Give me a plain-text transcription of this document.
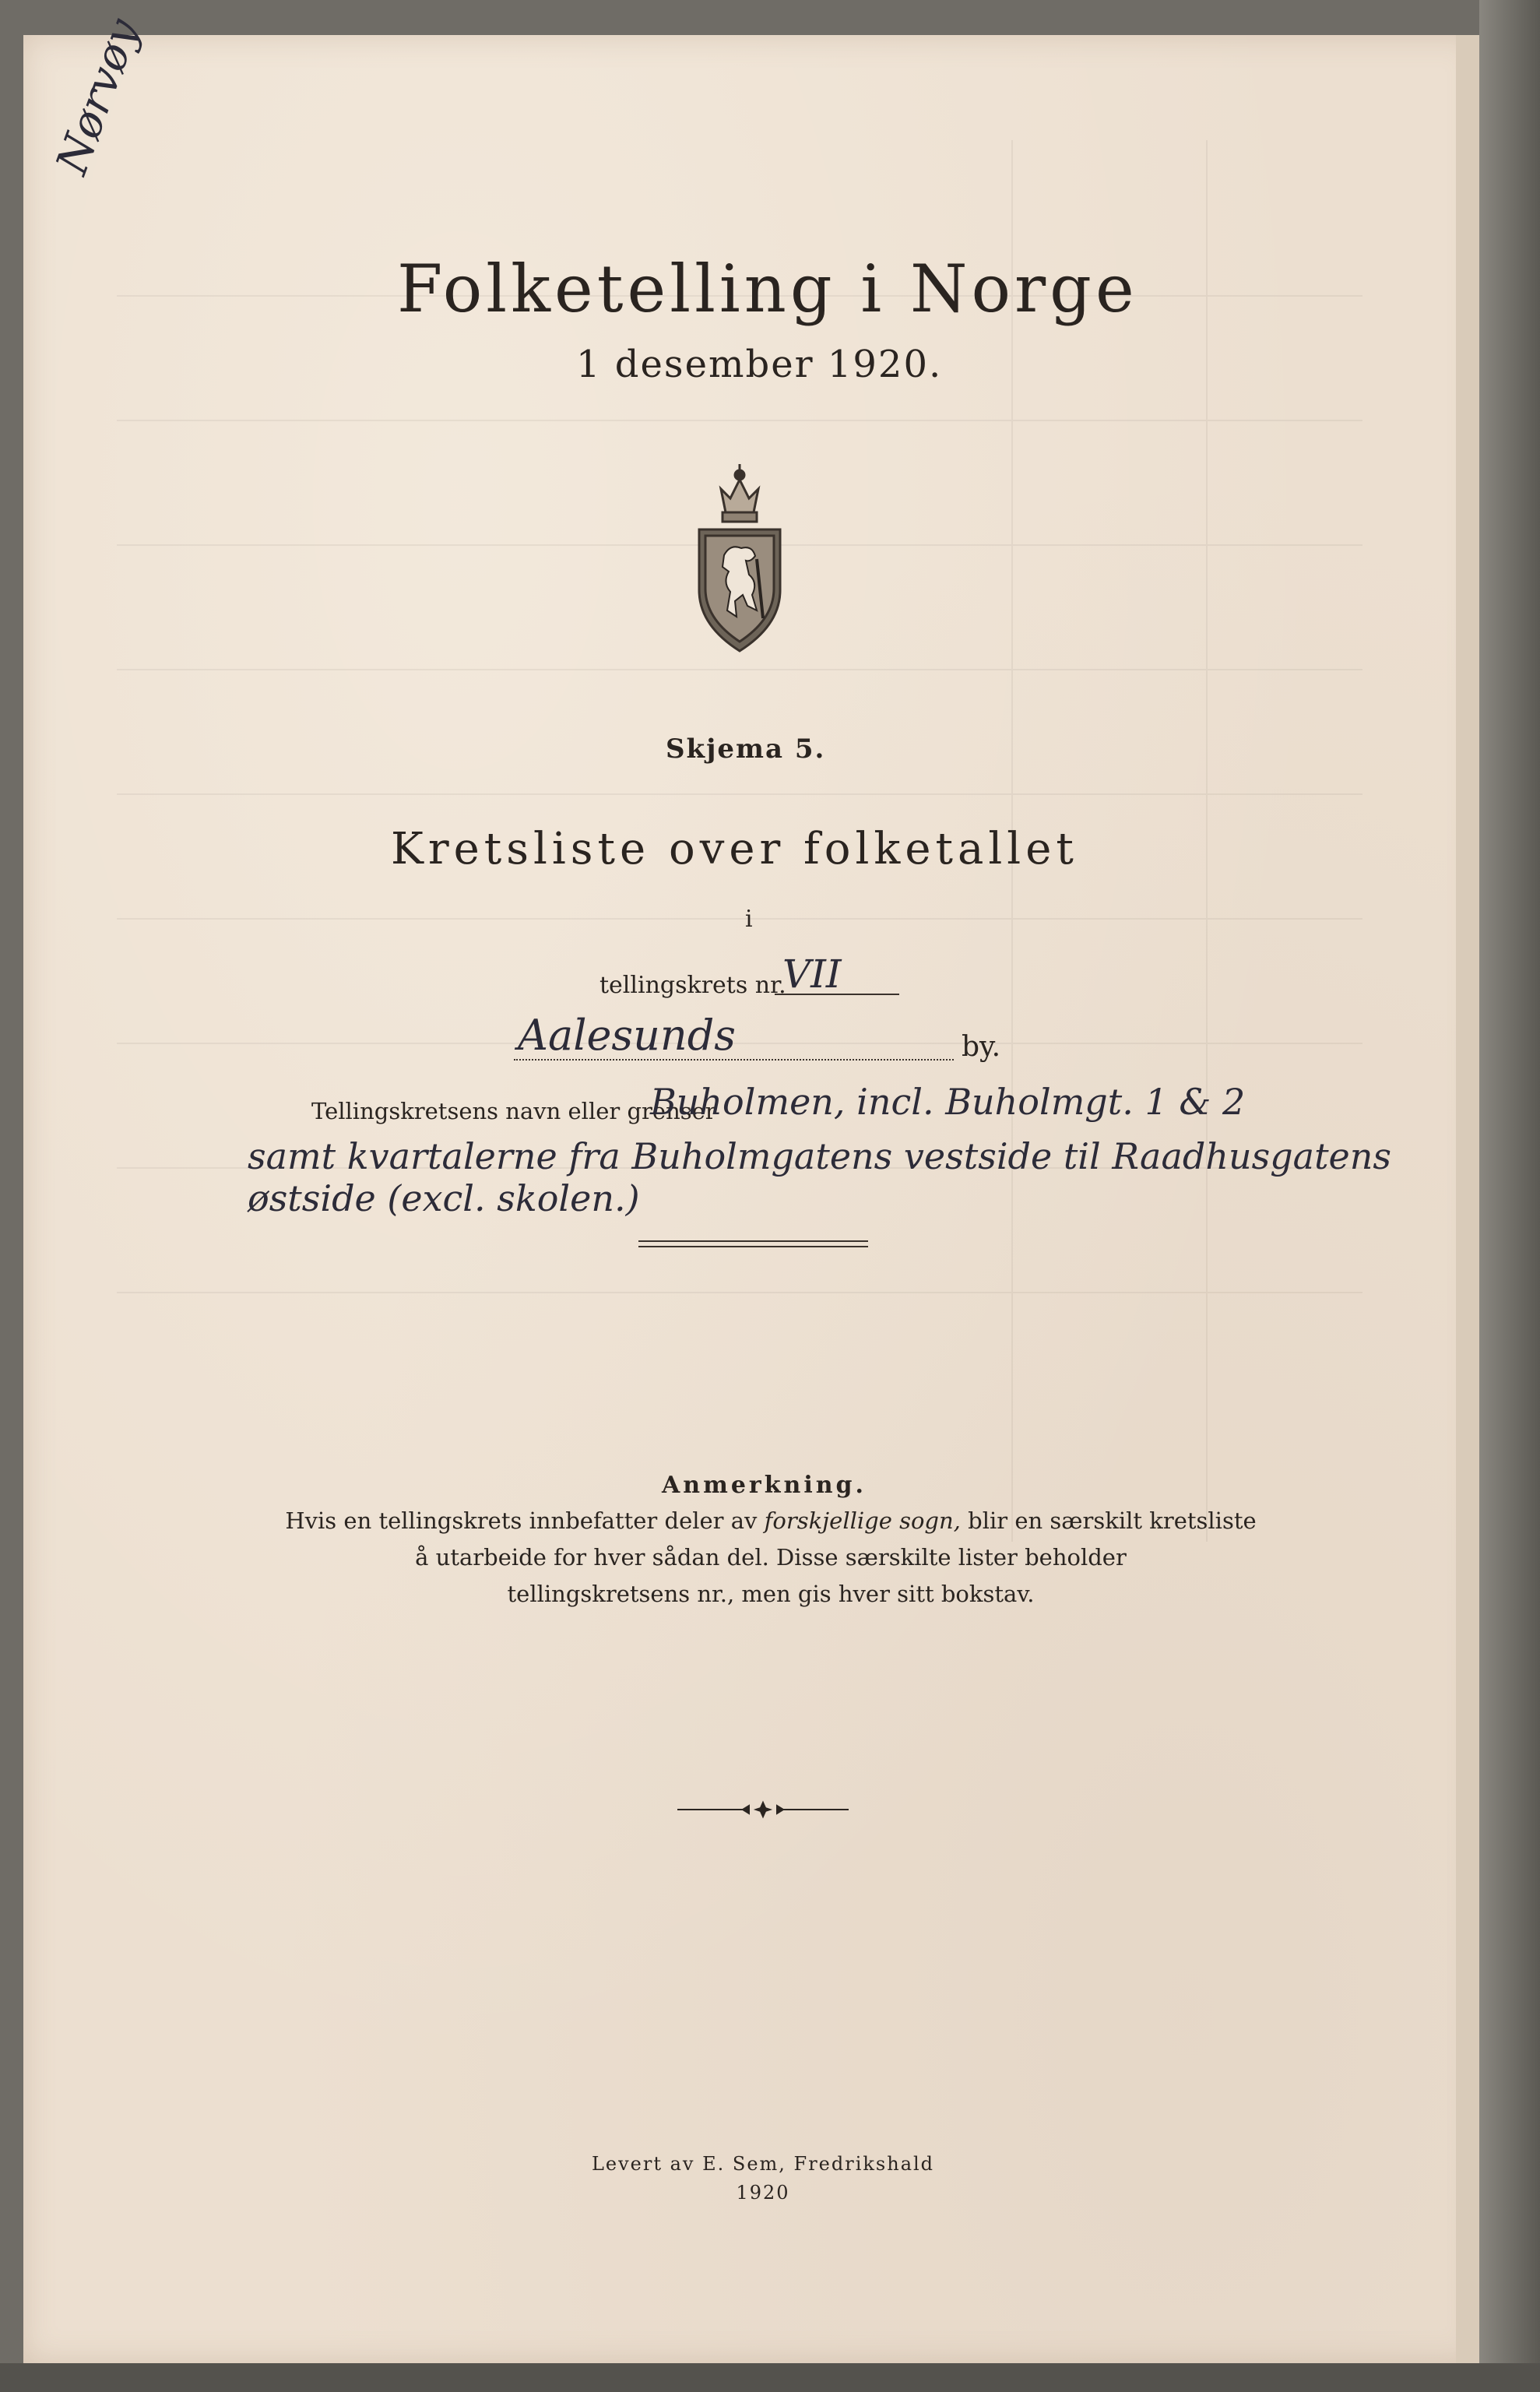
Nørvøy
Folketelling i Norge
1 desember 1920.
Skjema 5.
Kretsliste over folketallet
i
tellingskrets nr.
VII
Aalesunds	by.
Tellingskretsens navn eller grenser
Buholmen, incl. Buholmgt. 1 & 2
samt kvartalerne fra Buholmgatens vestside til Raadhusgatens
østside (excl. skolen.)
Anmerkning.
Hvis en tellingskrets innbefatter deler av forskjellige sogn, blir en særskilt kretsliste
å utarbeide for hver sådan del. Disse særskilte lister beholder
tellingskretsens nr., men gis hver sitt bokstav.
Levert av E. Sem, Fredrikshald
1920
